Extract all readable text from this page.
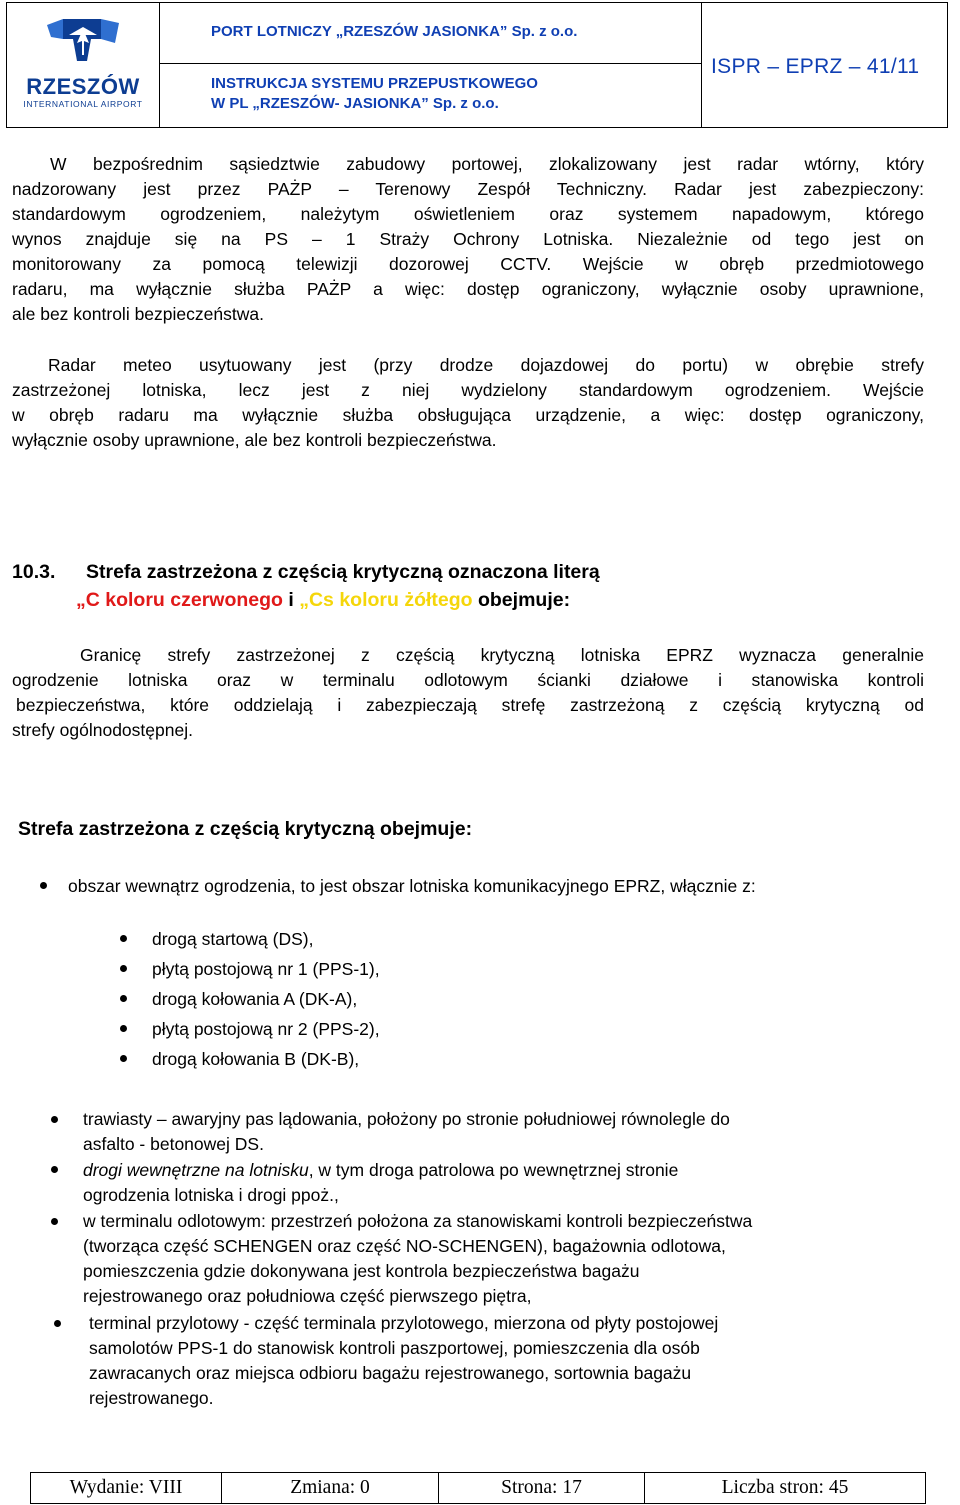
RZESZÓW
INTERNATIONAL AIRPORT
PORT LOTNICZY „RZESZÓW JASIONKA” Sp. z o.o.
INSTRUKCJA SYSTEMU PRZEPUSTKOWEGO
W PL „RZESZÓW- JASIONKA” Sp. z o.o.
ISPR – EPRZ – 41/11
W bezpośrednim sąsiedztwie zabudowy portowej, zlokalizowany jest radar wtórny, który
nadzorowany jest przez PAŻP – Terenowy Zespół Techniczny. Radar jest zabezpieczony:
standardowym ogrodzeniem, należytym oświetleniem oraz systemem napadowym, którego
wynos znajduje się na PS – 1 Straży Ochrony Lotniska. Niezależnie od tego jest on
monitorowany za pomocą telewizji dozorowej CCTV. Wejście w obręb przedmiotowego
radaru, ma wyłącznie służba PAŻP a więc: dostęp ograniczony, wyłącznie osoby uprawnione,
ale bez kontroli bezpieczeństwa.
Radar meteo usytuowany jest (przy drodze dojazdowej do portu) w obrębie strefy
zastrzeżonej lotniska, lecz jest z niej wydzielony standardowym ogrodzeniem. Wejście
w obręb radaru ma wyłącznie służba obsługująca urządzenie, a więc: dostęp ograniczony,
wyłącznie osoby uprawnione, ale bez kontroli bezpieczeństwa.
10.3. Strefa zastrzeżona z częścią krytyczną oznaczona literą
„C koloru czerwonego i „Cs koloru żółtego obejmuje:
Granicę strefy zastrzeżonej z częścią krytyczną lotniska EPRZ wyznacza generalnie
ogrodzenie lotniska oraz w terminalu odlotowym ścianki działowe i stanowiska kontroli
bezpieczeństwa, które oddzielają i zabezpieczają strefę zastrzeżoną z częścią krytyczną od
strefy ogólnodostępnej.
Strefa zastrzeżona z częścią krytyczną obejmuje:
obszar wewnątrz ogrodzenia, to jest obszar lotniska komunikacyjnego EPRZ, włącznie z:
drogą startową (DS),
płytą postojową nr 1 (PPS-1),
drogą kołowania A (DK-A),
płytą postojową nr 2 (PPS-2),
drogą kołowania B (DK-B),
trawiasty – awaryjny pas lądowania, położony po stronie południowej równolegle do
asfalto - betonowej DS.
drogi wewnętrzne na lotnisku, w tym droga patrolowa po wewnętrznej stronie
ogrodzenia lotniska i drogi ppoż.,
w terminalu odlotowym: przestrzeń położona za stanowiskami kontroli bezpieczeństwa
(tworząca część SCHENGEN oraz część NO-SCHENGEN), bagażownia odlotowa,
pomieszczenia gdzie dokonywana jest kontrola bezpieczeństwa bagażu
rejestrowanego oraz południowa część pierwszego piętra,
terminal przylotowy - część terminala przylotowego, mierzona od płyty postojowej
samolotów PPS-1 do stanowisk kontroli paszportowej, pomieszczenia dla osób
zawracanych oraz miejsca odbioru bagażu rejestrowanego, sortownia bagażu
rejestrowanego.
Wydanie: VIII	Zmiana: 0	Strona: 17	Liczba stron: 45
